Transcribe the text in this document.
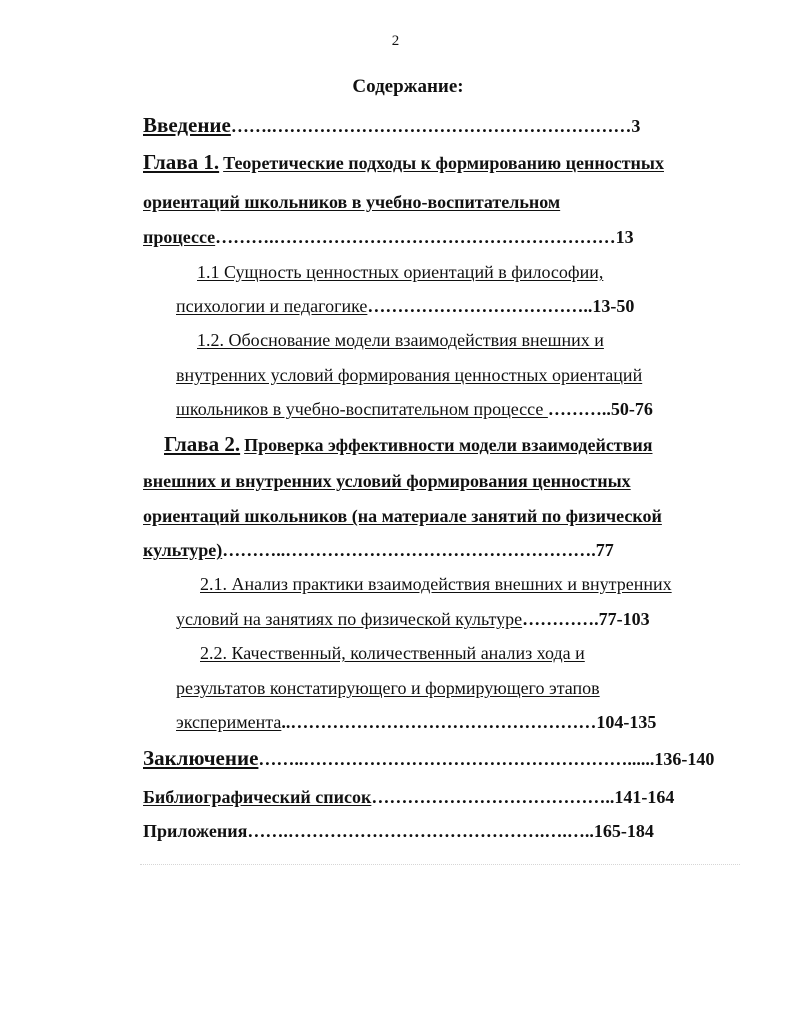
2
Содержание:
Введение…….……………………………………………………3
Глава 1. Теоретические подходы к формированию ценностных
ориентаций школьников в учебно-воспитательном
процессе……….…………………………………………………13
1.1 Сущность ценностных ориентаций в философии,
психологии и педагогике………………………………..13-50
1.2. Обоснование модели взаимодействия внешних и
внутренних условий формирования ценностных ориентаций
школьников в учебно-воспитательном процессе ………..50-76
Глава 2. Проверка эффективности модели взаимодействия
внешних и внутренних условий формирования ценностных
ориентаций школьников (на материале занятий по физической
культуре)………..…………………………………………….77
2.1. Анализ практики взаимодействия внешних и внутренних
условий на занятиях по физической культуре………….77-103
2.2. Качественный, количественный анализ хода и
результатов констатирующего и формирующего этапов
эксперимента..……………………………………………104-135
Заключение……..………………………………………………......136-140
Библиографический список…………………………………..141-164
Приложения…….…………………………………….….…..165-184
